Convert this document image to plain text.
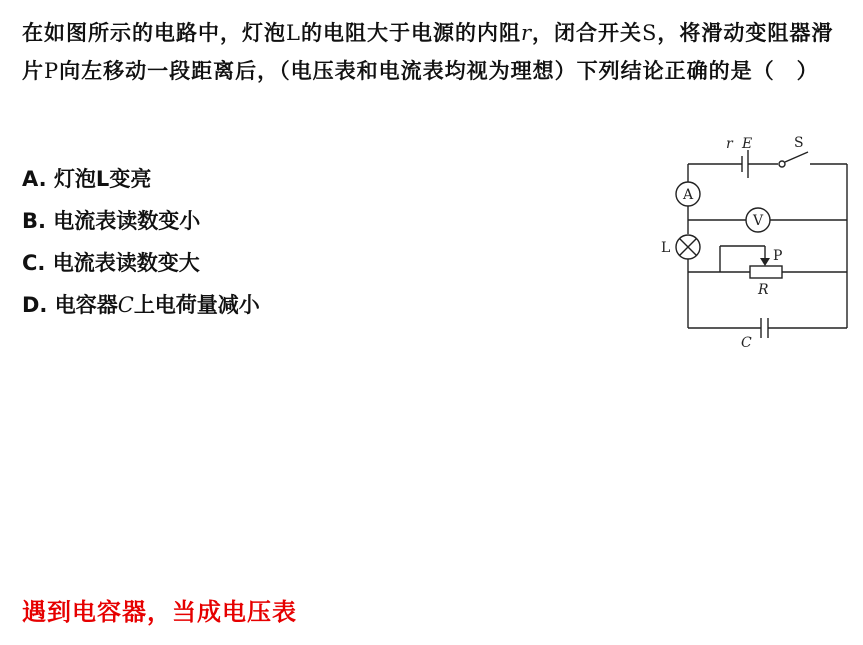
在如图所示的电路中，灯泡L的电阻大于电源的内阻r，闭合开关S，将滑动变阻器滑片P向左移动一段距离后，（电压表和电流表均视为理想）下列结论正确的是（　）
A. 灯泡L变亮
B. 电流表读数变小
C. 电流表读数变大
D. 电容器C上电荷量减小
r E	S
A
V
L	P
R
C
遇到电容器，当成电压表
